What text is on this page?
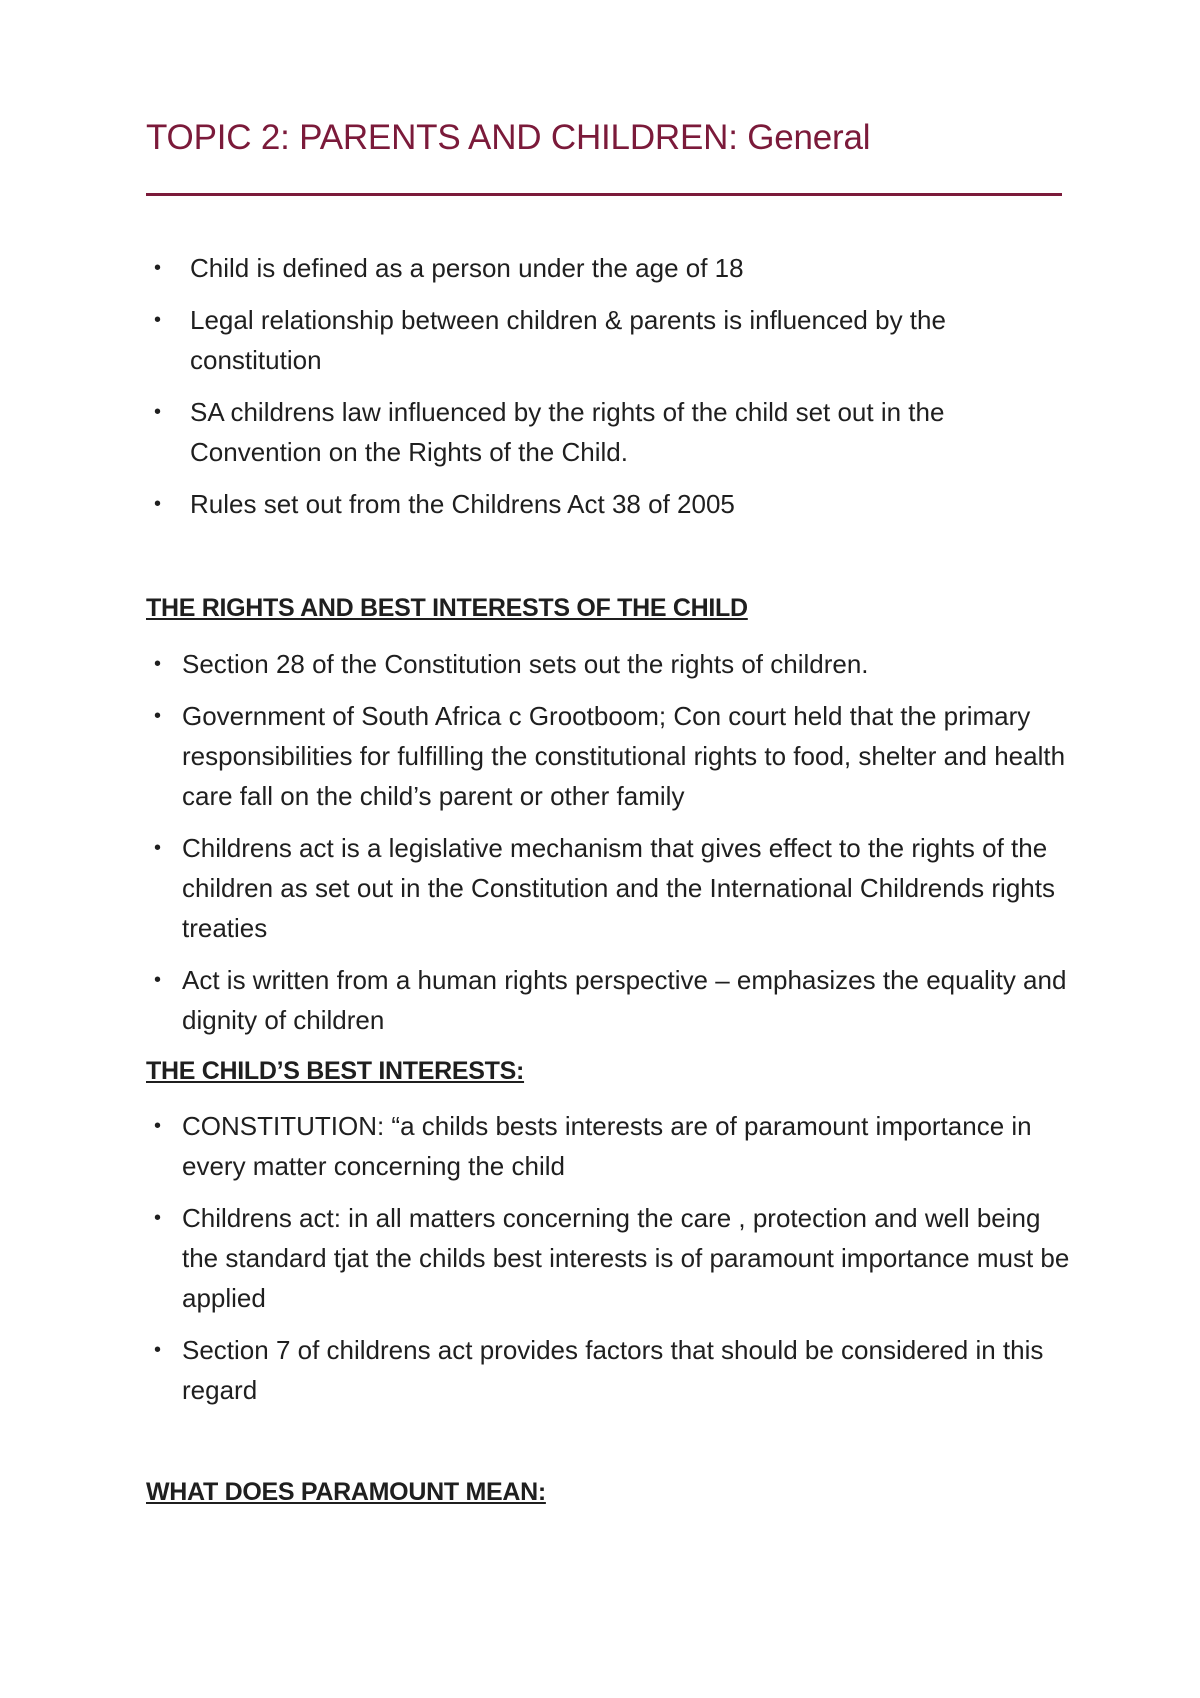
TOPIC 2: PARENTS AND CHILDREN: General
• Child is defined as a person under the age of 18
• Legal relationship between children & parents is influenced by the constitution
• SA childrens law influenced by the rights of the child set out in the Convention on the Rights of the Child.
• Rules set out from the Childrens Act 38 of 2005
THE RIGHTS AND BEST INTERESTS OF THE CHILD
• Section 28 of the Constitution sets out the rights of children.
• Government of South Africa c Grootboom; Con court held that the primary responsibilities for fulfilling the constitutional rights to food, shelter and health care fall on the child’s parent or other family
• Childrens act is a legislative mechanism that gives effect to the rights of the children as set out in the Constitution and the International Childrends rights treaties
• Act is written from a human rights perspective – emphasizes the equality and dignity of children
THE CHILD’S BEST INTERESTS:
• CONSTITUTION: “a childs bests interests are of paramount importance in every matter concerning the child
• Childrens act: in all matters concerning the care , protection and well being the standard tjat the childs best interests is of paramount importance must be applied
• Section 7 of childrens act provides factors that should be considered in this regard
WHAT DOES PARAMOUNT MEAN:
